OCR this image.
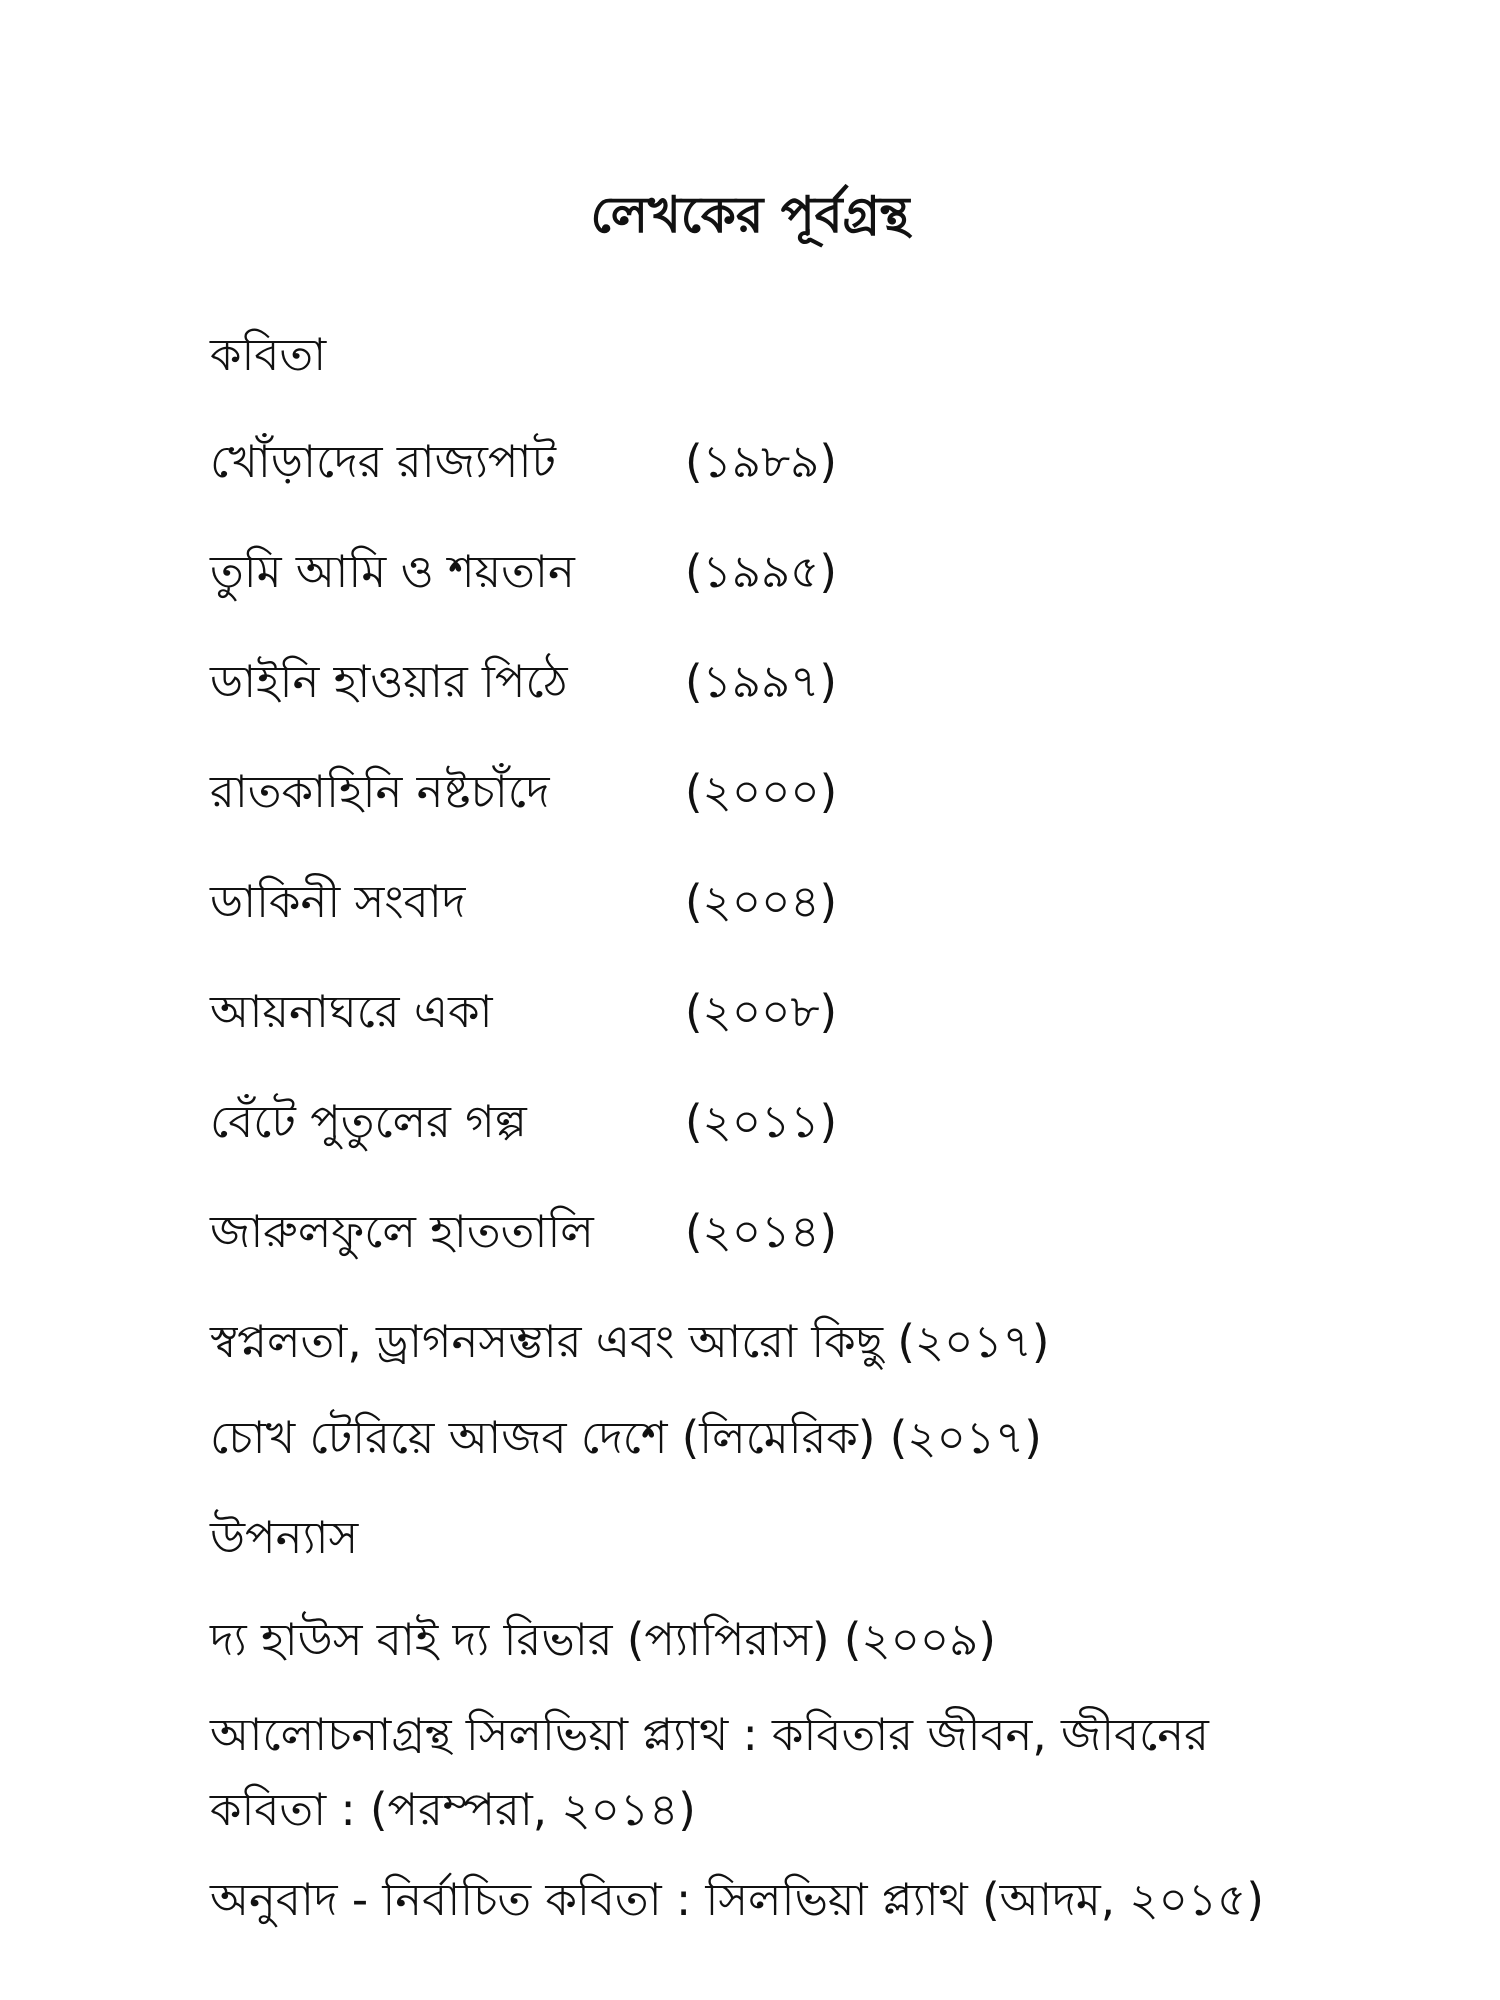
লেখকের পূর্বগ্রন্থ
কবিতা
খোঁড়াদের রাজ্যপাট	(১৯৮৯)
তুমি আমি ও শয়তান (১৯৯৫)
ডাইনি হাওয়ার পিঠে	(১৯৯৭)
রাতকাহিনি নষ্টচাঁদে	(২০০০)
ডাকিনী সংবাদ	(২০০৪)
আয়নাঘরে একা	(২০০৮)
বেঁটে পুতুলের গল্প	(২০১১)
জারুলফুলে হাততালি (২০১৪)
স্বপ্নলতা, ড্রাগনসম্ভার এবং আরো কিছু (২০১৭)
চোখ টেরিয়ে আজব দেশে (লিমেরিক) (২০১৭)
উপন্যাস
দ্য হাউস বাই দ্য রিভার (প্যাপিরাস) (২০০৯)
আলোচনাগ্রন্থ সিলভিয়া প্ল্যাথ : কবিতার জীবন, জীবনের
কবিতা : (পরম্পরা, ২০১৪)
অনুবাদ - নির্বাচিত কবিতা : সিলভিয়া প্ল্যাথ (আদম, ২০১৫)
